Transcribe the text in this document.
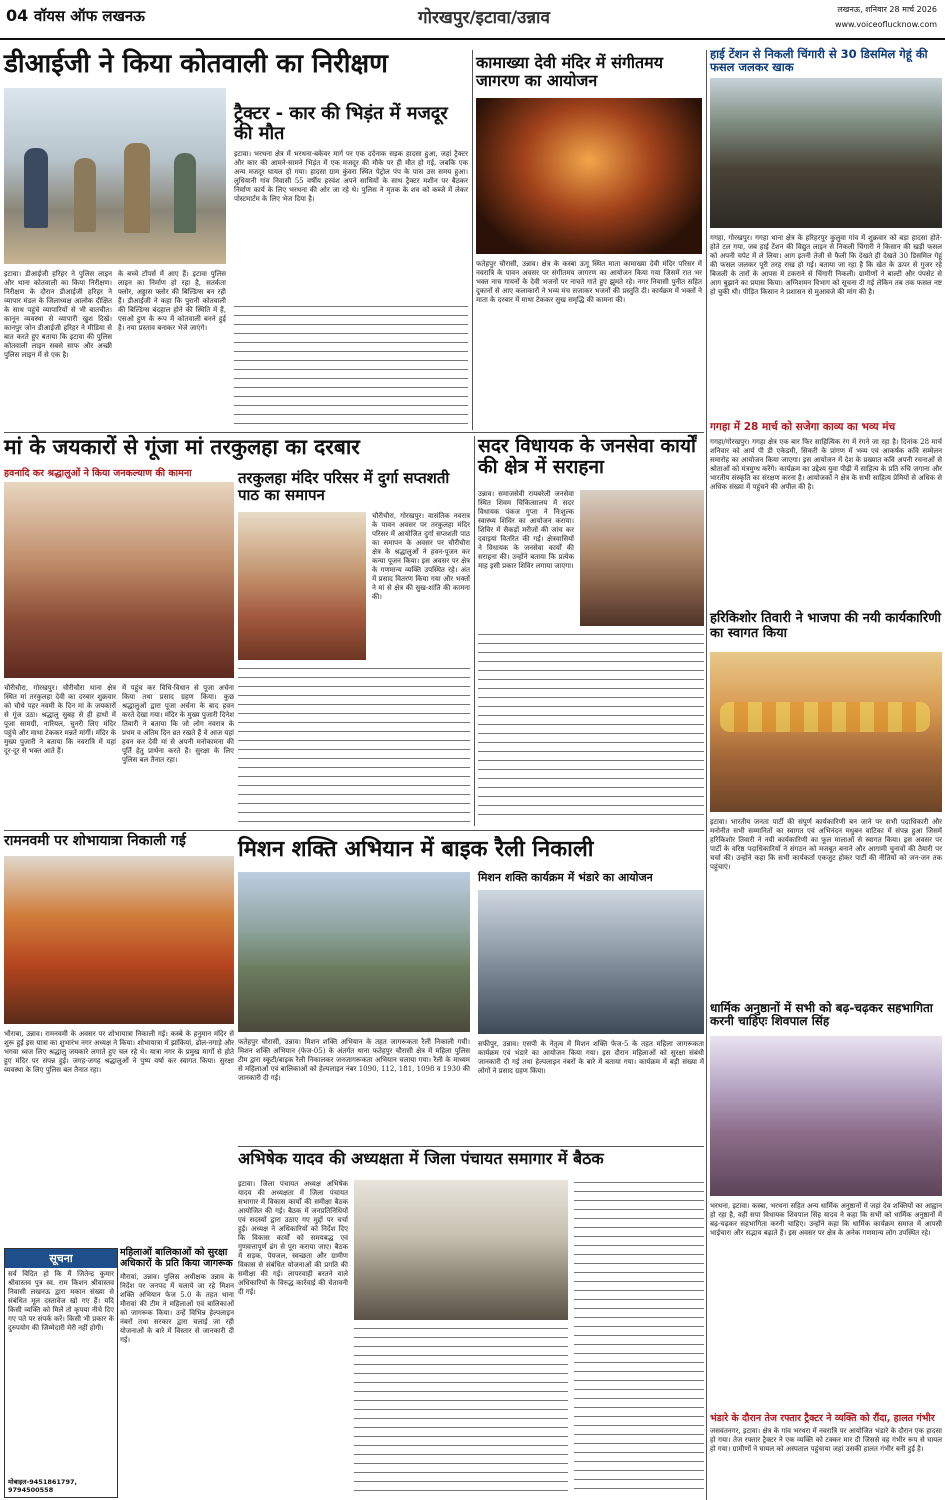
04 वॉयस ऑफ लखनऊ	गोरखपुर/इटावा/उन्नाव	लखनऊ, शनिवार 28 मार्च 2026
www.voiceoflucknow.com
डीआईजी ने किया कोतवाली का निरीक्षण

इटावा। डीआईजी हरिहर ने पुलिस लाइन और थाना कोतवाली का किया निरीक्षण। निरीक्षण के दौरान डीआईजी हरिहर ने व्यापार मंडल के जिलाध्यक्ष आलोक दीक्षित के साथ पहुंचे व्यापारियों से भी बातचीत। कानून व्यवस्था से व्यापारी खुश दिखे। कानपुर जोन डीआईजी हरिहर ने मीडिया से बात करते हुए बताया कि इटावा की पुलिस कोतवाली लाइन सबसे साफ और अच्छी पुलिस लाइन में से एक है।

के बच्चे टॉपर्स में आए हैं। इटावा पुलिस लाइन का निर्माण हो रहा है, सतर्कता फ्लोर, अड्डास फ्लोर की बिल्डिंग्स बन रही हैं। डीआईजी ने कहा कि पुरानी कोतवाली की बिल्डिंग्स बंदहाल होने की स्थिति में हैं, एसओ हुण के रूप में कोतवाली बनने हुई है। नया प्रस्ताव बनाकर भेजे जाएंगे।

ट्रैक्टर - कार की भिड़ंत में मजदूर की मौत

इटावा। भरथना क्षेत्र में भरथना-बकेवर मार्ग पर एक दर्दनाक सड़क हादसा हुआ, जहां ट्रैक्टर और कार की आमने-सामने भिड़ंत में एक मजदूर की मौके पर ही मौत हो गई, जबकि एक अन्य मजदूर घायल हो गया। हादसा ग्राम कुंवरा स्थित पेट्रोल पंप के पास उस समय हुआ। लुधियानी गांव निवासी 55 वर्षीय हरवंश अपने साथियों के साथ ट्रैक्टर मशीन पर बैठकर निर्माण कार्य के लिए भरथना की ओर जा रहे थे। पुलिस ने मृतक के शव को कब्जे में लेकर पोस्टमार्टम के लिए भेज दिया है।

कामाख्या देवी मंदिर में संगीतमय जागरण का आयोजन

फतेहपुर चौरासी, उन्नाव। क्षेत्र के कस्बा ऊगू स्थित माता कामाख्या देवी मंदिर परिसर में नवरात्रि के पावन अवसर पर संगीतमय जागरण का आयोजन किया गया जिसमें रात भर भक्त नाच गायनों के देवी भजनों पर नाचते गाते हुए झूमते रहे। नगर निवासी पुनीत सहित दुकानों से आए कलाकारों ने भव्य मंच सजाकर भजनों की प्रस्तुति दी। कार्यक्रम में भक्तों ने माता के दरबार में माथा टेककर सुख समृद्धि की कामना की।

हाई टेंशन से निकली चिंगारी से 30 डिसमिल गेहूं की फसल जलकर खाक

गगहा, गोरखपुर। गगहा थाना क्षेत्र के हरिहरपुर कुलुवा गांव में शुक्रवार को बड़ा हादसा होते-होते टल गया, जब हाई टेंशन की विद्युत लाइन से निकली चिंगारी ने किसान की खड़ी फसल को अपनी चपेट में ले लिया। आग इतनी तेजी से फैली कि देखते ही देखते 30 डिसमिल गेहूं की फसल जलकर पूरी तरह राख हो गई। बताया जा रहा है कि खेत के ऊपर से गुजर रहे बिजली के तारों के आपस में टकराने से चिंगारी निकली। ग्रामीणों ने बाल्टी और पंपसेट से आग बुझाने का प्रयास किया। अग्निशमन विभाग को सूचना दी गई लेकिन तब तक फसल नष्ट हो चुकी थी। पीड़ित किसान ने प्रशासन से मुआवजे की मांग की है।

गगहा में 28 मार्च को सजेगा काव्य का भव्य मंच

गगहा/गोरखपुर। गगहा क्षेत्र एक बार फिर साहित्यिक रंग में रंगने जा रहा है। दिनांक 28 मार्च शनिवार को आर्य पी डी एकेडमी, सिकरी के प्रांगण में भव्य एवं आकर्षक कवि सम्मेलन समारोह का आयोजन किया जाएगा। इस आयोजन में देश के प्रख्यात कवि अपनी रचनाओं से श्रोताओं को मंत्रमुग्ध करेंगे। कार्यक्रम का उद्देश्य युवा पीढ़ी में साहित्य के प्रति रुचि जगाना और भारतीय संस्कृति का संरक्षण करना है। आयोजकों ने क्षेत्र के सभी साहित्य प्रेमियों से अधिक से अधिक संख्या में पहुंचने की अपील की है।

हरिकिशोर तिवारी ने भाजपा की नयी कार्यकारिणी का स्वागत किया

इटावा। भारतीय जनता पार्टी की संपूर्ण कार्यकारिणी बन जाने पर सभी पदाधिकारी और मनोनीत सभी सम्मानितों का स्वागत एवं अभिनंदन मधुबन वाटिका में संपन्न हुआ जिसमें हरिकिशोर तिवारी ने नयी कार्यकारिणी का फूल मालाओं से स्वागत किया। इस अवसर पर पार्टी के वरिष्ठ पदाधिकारियों ने संगठन को मजबूत बनाने और आगामी चुनावों की तैयारी पर चर्चा की। उन्होंने कहा कि सभी कार्यकर्ता एकजुट होकर पार्टी की नीतियों को जन-जन तक पहुंचाएं।

धार्मिक अनुष्ठानों में सभी को बढ़-चढ़कर सहभागिता करनी चाहिएः शिवपाल सिंह

भरथना, इटावा। कस्बा, भरथना सहित अन्य धार्मिक अनुष्ठानों में जहां देव शक्तियों का आह्वान हो रहा है, वहीं सपा विधायक शिवपाल सिंह यादव ने कहा कि सभी को धार्मिक अनुष्ठानों में बढ़-चढ़कर सहभागिता करनी चाहिए। उन्होंने कहा कि धार्मिक कार्यक्रम समाज में आपसी भाईचारा और सद्भाव बढ़ाते हैं। इस अवसर पर क्षेत्र के अनेक गणमान्य लोग उपस्थित रहे।

भंडारे के दौरान तेज रफ्तार ट्रैक्टर ने व्यक्ति को रौंदा, हालत गंभीर

जसवंतनगर, इटावा। क्षेत्र के गांव भरथरा में नवरात्रि पर आयोजित भंडारे के दौरान एक हादसा हो गया। तेज रफ्तार ट्रैक्टर ने एक व्यक्ति को टक्कर मार दी जिससे वह गंभीर रूप से घायल हो गया। ग्रामीणों ने घायल को अस्पताल पहुंचाया जहां उसकी हालत गंभीर बनी हुई है।

मां के जयकारों से गूंजा मां तरकुलहा का दरबार
हवनादि कर श्रद्धालुओं ने किया जनकल्याण की कामना

चौरीचौरा, गोरखपुर। चौरीचौरा थाना क्षेत्र स्थित मां तरकुलहा देवी का दरबार शुक्रवार को चौथे पहर नवमी के दिन मां के जयकारों से गूंज उठा। श्रद्धालु सुबह से ही हाथों में पूजा सामग्री, नारियल, चुनरी लिए मंदिर पहुंचे और माथा टेककर मन्नतें मांगीं। मंदिर के मुख्य पुजारी ने बताया कि नवरात्रि में यहां दूर-दूर से भक्त आते हैं।

में पहुंच कर विधि-विधान से पूजा अर्चना किया तथा प्रसाद ग्रहण किया। कुछ श्रद्धालुओं द्वारा पूजा अर्चना के बाद हवन करते देखा गया। मंदिर के मुख्य पुजारी दिनेश तिवारी ने बताया कि जो लोग नवरात्र के प्रथम व अंतिम दिन व्रत रखते हैं वे आज यहां हवन कर देवी मां से अपनी मनोकामना की पूर्ति हेतु प्रार्थना करते हैं। सुरक्षा के लिए पुलिस बल तैनात रहा।

तरकुलहा मंदिर परिसर में दुर्गा सप्तशती पाठ का समापन

चौरीचौरा, गोरखपुर। वासंतिक नवरात्र के पावन अवसर पर तरकुलहा मंदिर परिसर में आयोजित दुर्गा सप्तशती पाठ का समापन के अवसर पर चौरीचौरा क्षेत्र के श्रद्धालुओं ने हवन-पूजन कर कन्या पूजन किया। इस अवसर पर क्षेत्र के गणमान्य व्यक्ति उपस्थित रहे। अंत में प्रसाद वितरण किया गया और भक्तों ने मां से क्षेत्र की सुख-शांति की कामना की।

सदर विधायक के जनसेवा कार्यों की क्षेत्र में सराहना

उन्नाव। समाजसेवी रायबरेली जनसेवा स्थित शिवम चिकित्सालय में सदर विधायक पंकज गुप्ता ने निःशुल्क स्वास्थ्य शिविर का आयोजन कराया। शिविर में सैकड़ों मरीजों की जांच कर दवाइयां वितरित की गईं। क्षेत्रवासियों ने विधायक के जनसेवा कार्यों की सराहना की। उन्होंने बताया कि प्रत्येक माह इसी प्रकार शिविर लगाया जाएगा।

रामनवमी पर शोभायात्रा निकाली गई

भौराबा, उन्नाव। रामनवमी के अवसर पर शोभायात्रा निकाली गई। कस्बे के हनुमान मंदिर से शुरू हुई इस यात्रा का शुभारंभ नगर अध्यक्ष ने किया। शोभायात्रा में झांकियां, ढोल-नगाड़े और भगवा ध्वज लिए श्रद्धालु जयकारे लगाते हुए चल रहे थे। यात्रा नगर के प्रमुख मार्गों से होते हुए मंदिर पर संपन्न हुई। जगह-जगह श्रद्धालुओं ने पुष्प वर्षा कर स्वागत किया। सुरक्षा व्यवस्था के लिए पुलिस बल तैनात रहा।

मिशन शक्ति अभियान में बाइक रैली निकाली

फतेहपुर चौरासी, उन्नाव। मिशन शक्ति अभियान के तहत जागरूकता रैली निकाली गयी। मिशन शक्ति अभियान (फेज-05) के अंतर्गत थाना फतेहपुर चौरासी क्षेत्र में महिला पुलिस टीम द्वारा स्कूटी/बाइक रैली निकालकर जनजागरूकता अभियान चलाया गया। रैली के माध्यम से महिलाओं एवं बालिकाओं को हेल्पलाइन नंबर 1090, 112, 181, 1098 व 1930 की जानकारी दी गई।

मिशन शक्ति कार्यक्रम में भंडारे का आयोजन

सफीपुर, उन्नाव। एसपी के नेतृत्व में मिशन शक्ति फेज-5 के तहत महिला जागरूकता कार्यक्रम एवं भंडारे का आयोजन किया गया। इस दौरान महिलाओं को सुरक्षा संबंधी जानकारी दी गई तथा हेल्पलाइन नंबरों के बारे में बताया गया। कार्यक्रम में बड़ी संख्या में लोगों ने प्रसाद ग्रहण किया।

अभिषेक यादव की अध्यक्षता में जिला पंचायत समागार में बैठक

इटावा। जिला पंचायत अध्यक्ष अभिषेक यादव की अध्यक्षता में जिला पंचायत सभागार में विकास कार्यों की समीक्षा बैठक आयोजित की गई। बैठक में जनप्रतिनिधियों एवं सदस्यों द्वारा उठाए गए मुद्दों पर चर्चा हुई। अध्यक्ष ने अधिकारियों को निर्देश दिए कि विकास कार्यों को समयबद्ध एवं गुणवत्तापूर्ण ढंग से पूरा कराया जाए। बैठक में सड़क, पेयजल, स्वच्छता और ग्रामीण विकास से संबंधित योजनाओं की प्रगति की समीक्षा की गई। लापरवाही बरतने वाले अधिकारियों के विरुद्ध कार्रवाई की चेतावनी दी गई।

सूचना

सर्व विदित हो कि मैं जितेन्द्र कुमार श्रीवास्तव पुत्र स्व. राम किशन श्रीवास्तव निवासी लखनऊ द्वारा मकान संख्या से संबंधित मूल दस्तावेज खो गए हैं। यदि किसी व्यक्ति को मिलें तो कृपया नीचे दिए गए पते पर संपर्क करें। किसी भी प्रकार के दुरुपयोग की जिम्मेदारी मेरी नहीं होगी।

मोबाइल-9451861797, 9794500558
महिलाओं बालिकाओं को सुरक्षा अधिकारों के प्रति किया जागरूक

मौरावां, उन्नाव। पुलिस अधीक्षक उन्नाव के निर्देश पर जनपद में चलाये जा रहे मिशन शक्ति अभियान फेज 5.0 के तहत थाना मौरावां की टीम ने महिलाओं एवं बालिकाओं को जागरूक किया। उन्हें विभिन्न हेल्पलाइन नंबरों तथा सरकार द्वारा चलाई जा रही योजनाओं के बारे में विस्तार से जानकारी दी गई।
